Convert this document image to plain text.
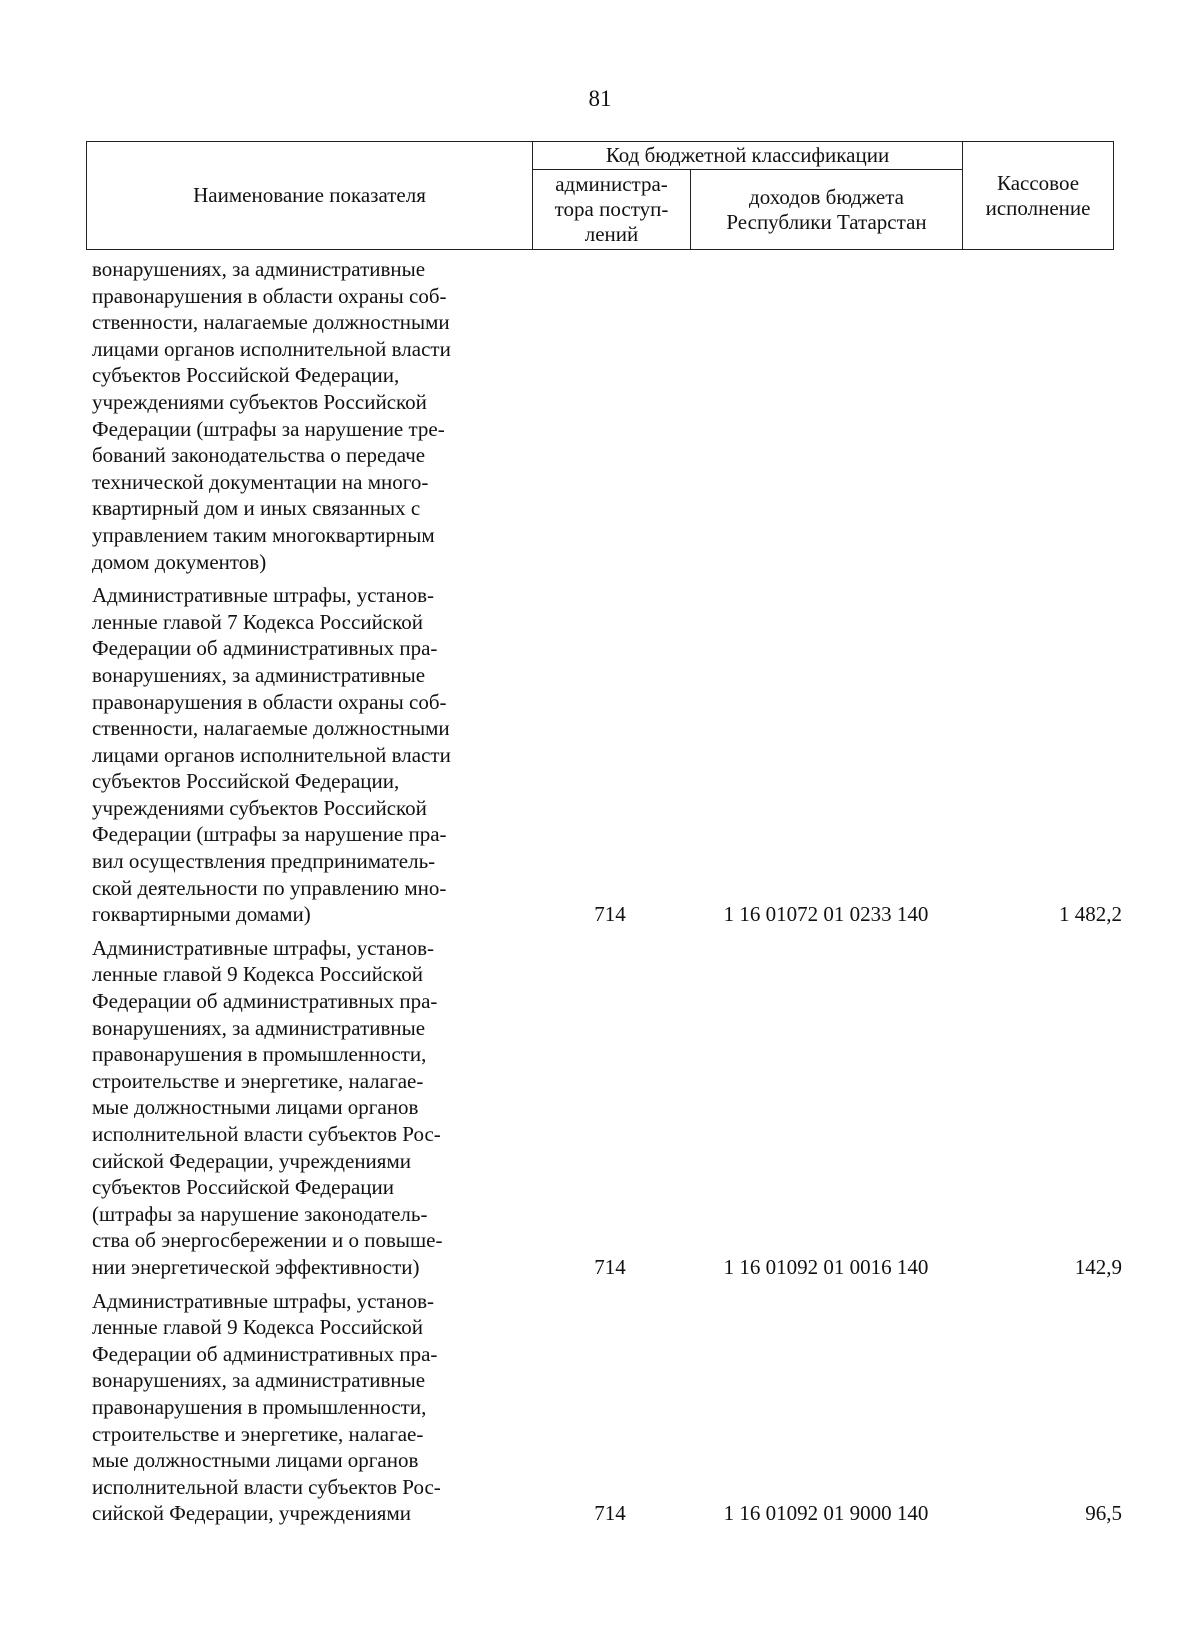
81
Наименование показателя	Код бюджетной классификации		Кассовое
исполнение
	администра-
тора поступ-
лений	доходов бюджета
Республики Татарстан	
вонарушениях, за административные
правонарушения в области охраны соб-
ственности, налагаемые должностными
лицами органов исполнительной власти
субъектов Российской Федерации,
учреждениями субъектов Российской
Федерации (штрафы за нарушение тре-
бований законодательства о передаче
технической документации на много-
квартирный дом и иных связанных с
управлением таким многоквартирным
домом документов)
Административные штрафы, установ-
ленные главой 7 Кодекса Российской
Федерации об административных пра-
вонарушениях, за административные
правонарушения в области охраны соб-
ственности, налагаемые должностными
лицами органов исполнительной власти
субъектов Российской Федерации,
учреждениями субъектов Российской
Федерации (штрафы за нарушение пра-
вил осуществления предприниматель-
ской деятельности по управлению мно-
гоквартирными домами)	714	1 16 01072 01 0233 140	1 482,2
Административные штрафы, установ-
ленные главой 9 Кодекса Российской
Федерации об административных пра-
вонарушениях, за административные
правонарушения в промышленности,
строительстве и энергетике, налагае-
мые должностными лицами органов
исполнительной власти субъектов Рос-
сийской Федерации, учреждениями
субъектов Российской Федерации
(штрафы за нарушение законодатель-
ства об энергосбережении и о повыше-
нии энергетической эффективности)	714	1 16 01092 01 0016 140	142,9
Административные штрафы, установ-
ленные главой 9 Кодекса Российской
Федерации об административных пра-
вонарушениях, за административные
правонарушения в промышленности,
строительстве и энергетике, налагае-
мые должностными лицами органов
исполнительной власти субъектов Рос-
сийской Федерации, учреждениями	714	1 16 01092 01 9000 140	96,5
